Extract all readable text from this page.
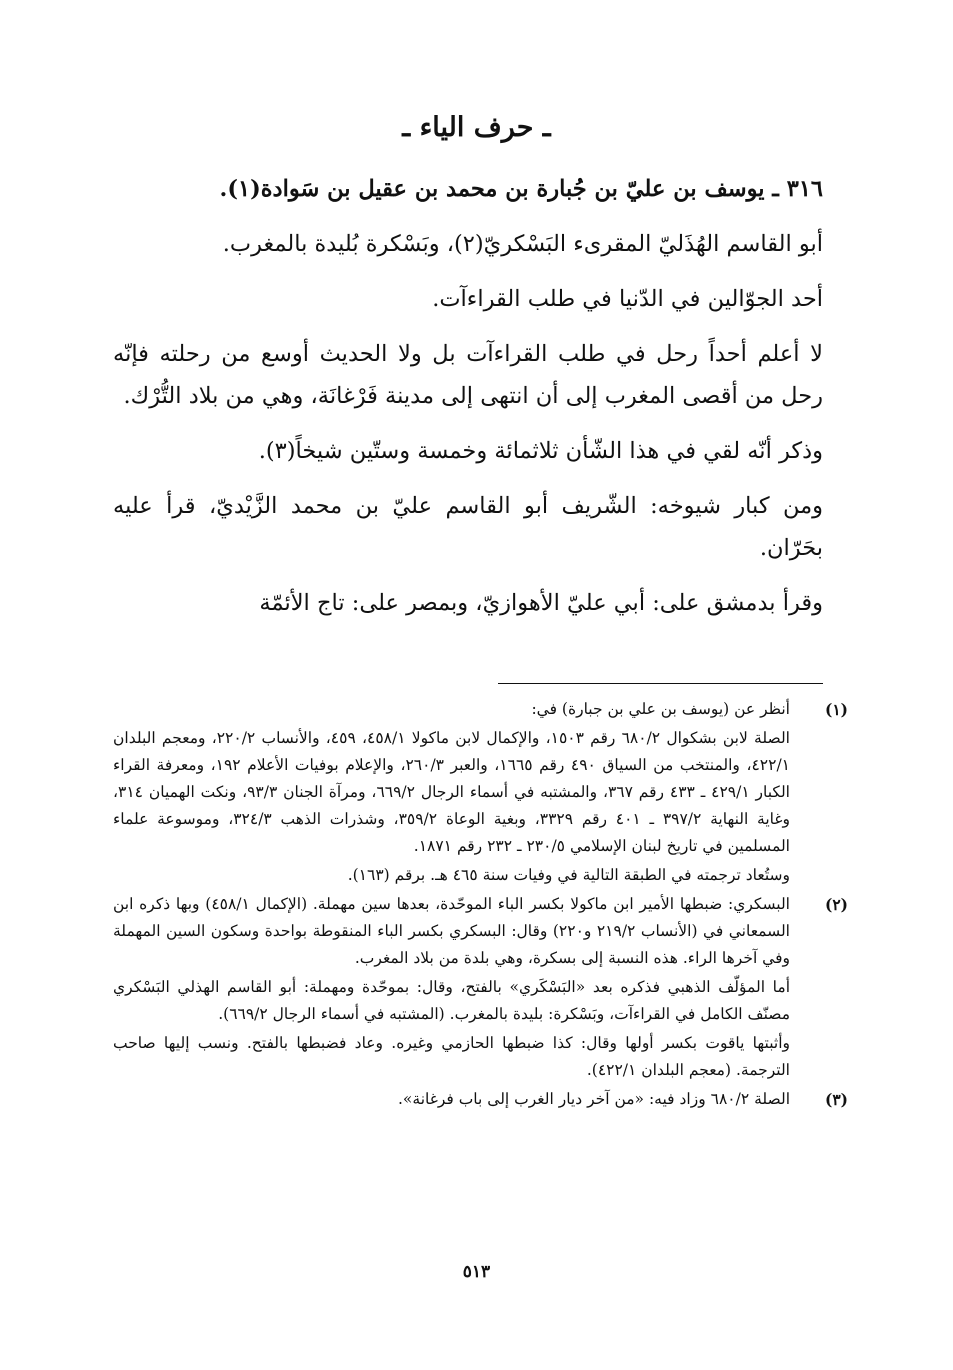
ـ حرف الياء ـ

٣١٦ ـ يوسف بن عليّ بن جُبارة بن محمد بن عقيل بن سَوادة(١).

أبو القاسم الهُذَليّ المقرىء البَسْكريّ(٢)، وبَسْكرة بُليدة بالمغرب.

أحد الجوّالين في الدّنيا في طلب القراءآت.

لا أعلم أحداً رحل في طلب القراءآت بل ولا الحديث أوسع من رحلته فإنّه رحل من أقصى المغرب إلى أن انتهى إلى مدينة فَرْغانَة، وهي من بلاد التُّرْك.

وذكر أنّه لقي في هذا الشّأن ثلاثمائة وخمسة وستّين شيخاً(٣).

ومن كبار شيوخه: الشّريف أبو القاسم عليّ بن محمد الزَّيْديّ، قرأ عليه بحَرّان.

وقرأ بدمشق على: أبي عليّ الأهوازيّ، وبمصر على: تاج الأئمّة

(١)

أنظر عن (يوسف بن علي بن جبارة) في:

الصلة لابن بشكوال ٦٨٠/٢ رقم ١٥٠٣، والإكمال لابن ماكولا ٤٥٨/١، ٤٥٩، والأنساب ٢٢٠/٢، ومعجم البلدان ٤٢٢/١، والمنتخب من السياق ٤٩٠ رقم ١٦٦٥، والعبر ٢٦٠/٣، والإعلام بوفيات الأعلام ١٩٢، ومعرفة القراء الكبار ٤٢٩/١ ـ ٤٣٣ رقم ٣٦٧، والمشتبه في أسماء الرجال ٦٦٩/٢، ومرآة الجنان ٩٣/٣، ونكت الهميان ٣١٤، وغاية النهاية ٣٩٧/٢ ـ ٤٠١ رقم ٣٣٢٩، وبغية الوعاة ٣٥٩/٢، وشذرات الذهب ٣٢٤/٣، وموسوعة علماء المسلمين في تاريخ لبنان الإسلامي ٢٣٠/٥ ـ ٢٣٢ رقم ١٨٧١.

وستُعاد ترجمته في الطبقة التالية في وفيات سنة ٤٦٥ هـ. برقم (١٦٣).

(٢)

البسكري: ضبطها الأمير ابن ماكولا بكسر الباء الموحّدة، بعدها سين مهملة. (الإكمال ٤٥٨/١) وبها ذكره ابن السمعاني في (الأنساب ٢١٩/٢ و٢٢٠) وقال: البسكري بكسر الباء المنقوطة بواحدة وسكون السين المهملة وفي آخرها الراء. هذه النسبة إلى بسكرة، وهي بلدة من بلاد المغرب.

أما المؤلّف الذهبي فذكره بعد «البَسْكَري» بالفتح، وقال: بموحّدة ومهملة: أبو القاسم الهذلي البَسْكري مصنّف الكامل في القراءآت، وبَسْكرة: بليدة بالمغرب. (المشتبه في أسماء الرجال ٦٦٩/٢).

وأثبتها ياقوت بكسر أولها وقال: كذا ضبطها الحازمي وغيره. وعاد فضبطها بالفتح. ونسب إليها صاحب الترجمة. (معجم البلدان ٤٢٢/١).

(٣)

الصلة ٦٨٠/٢ وزاد فيه: «من آخر ديار الغرب إلى باب فرغانة».

٥١٣
